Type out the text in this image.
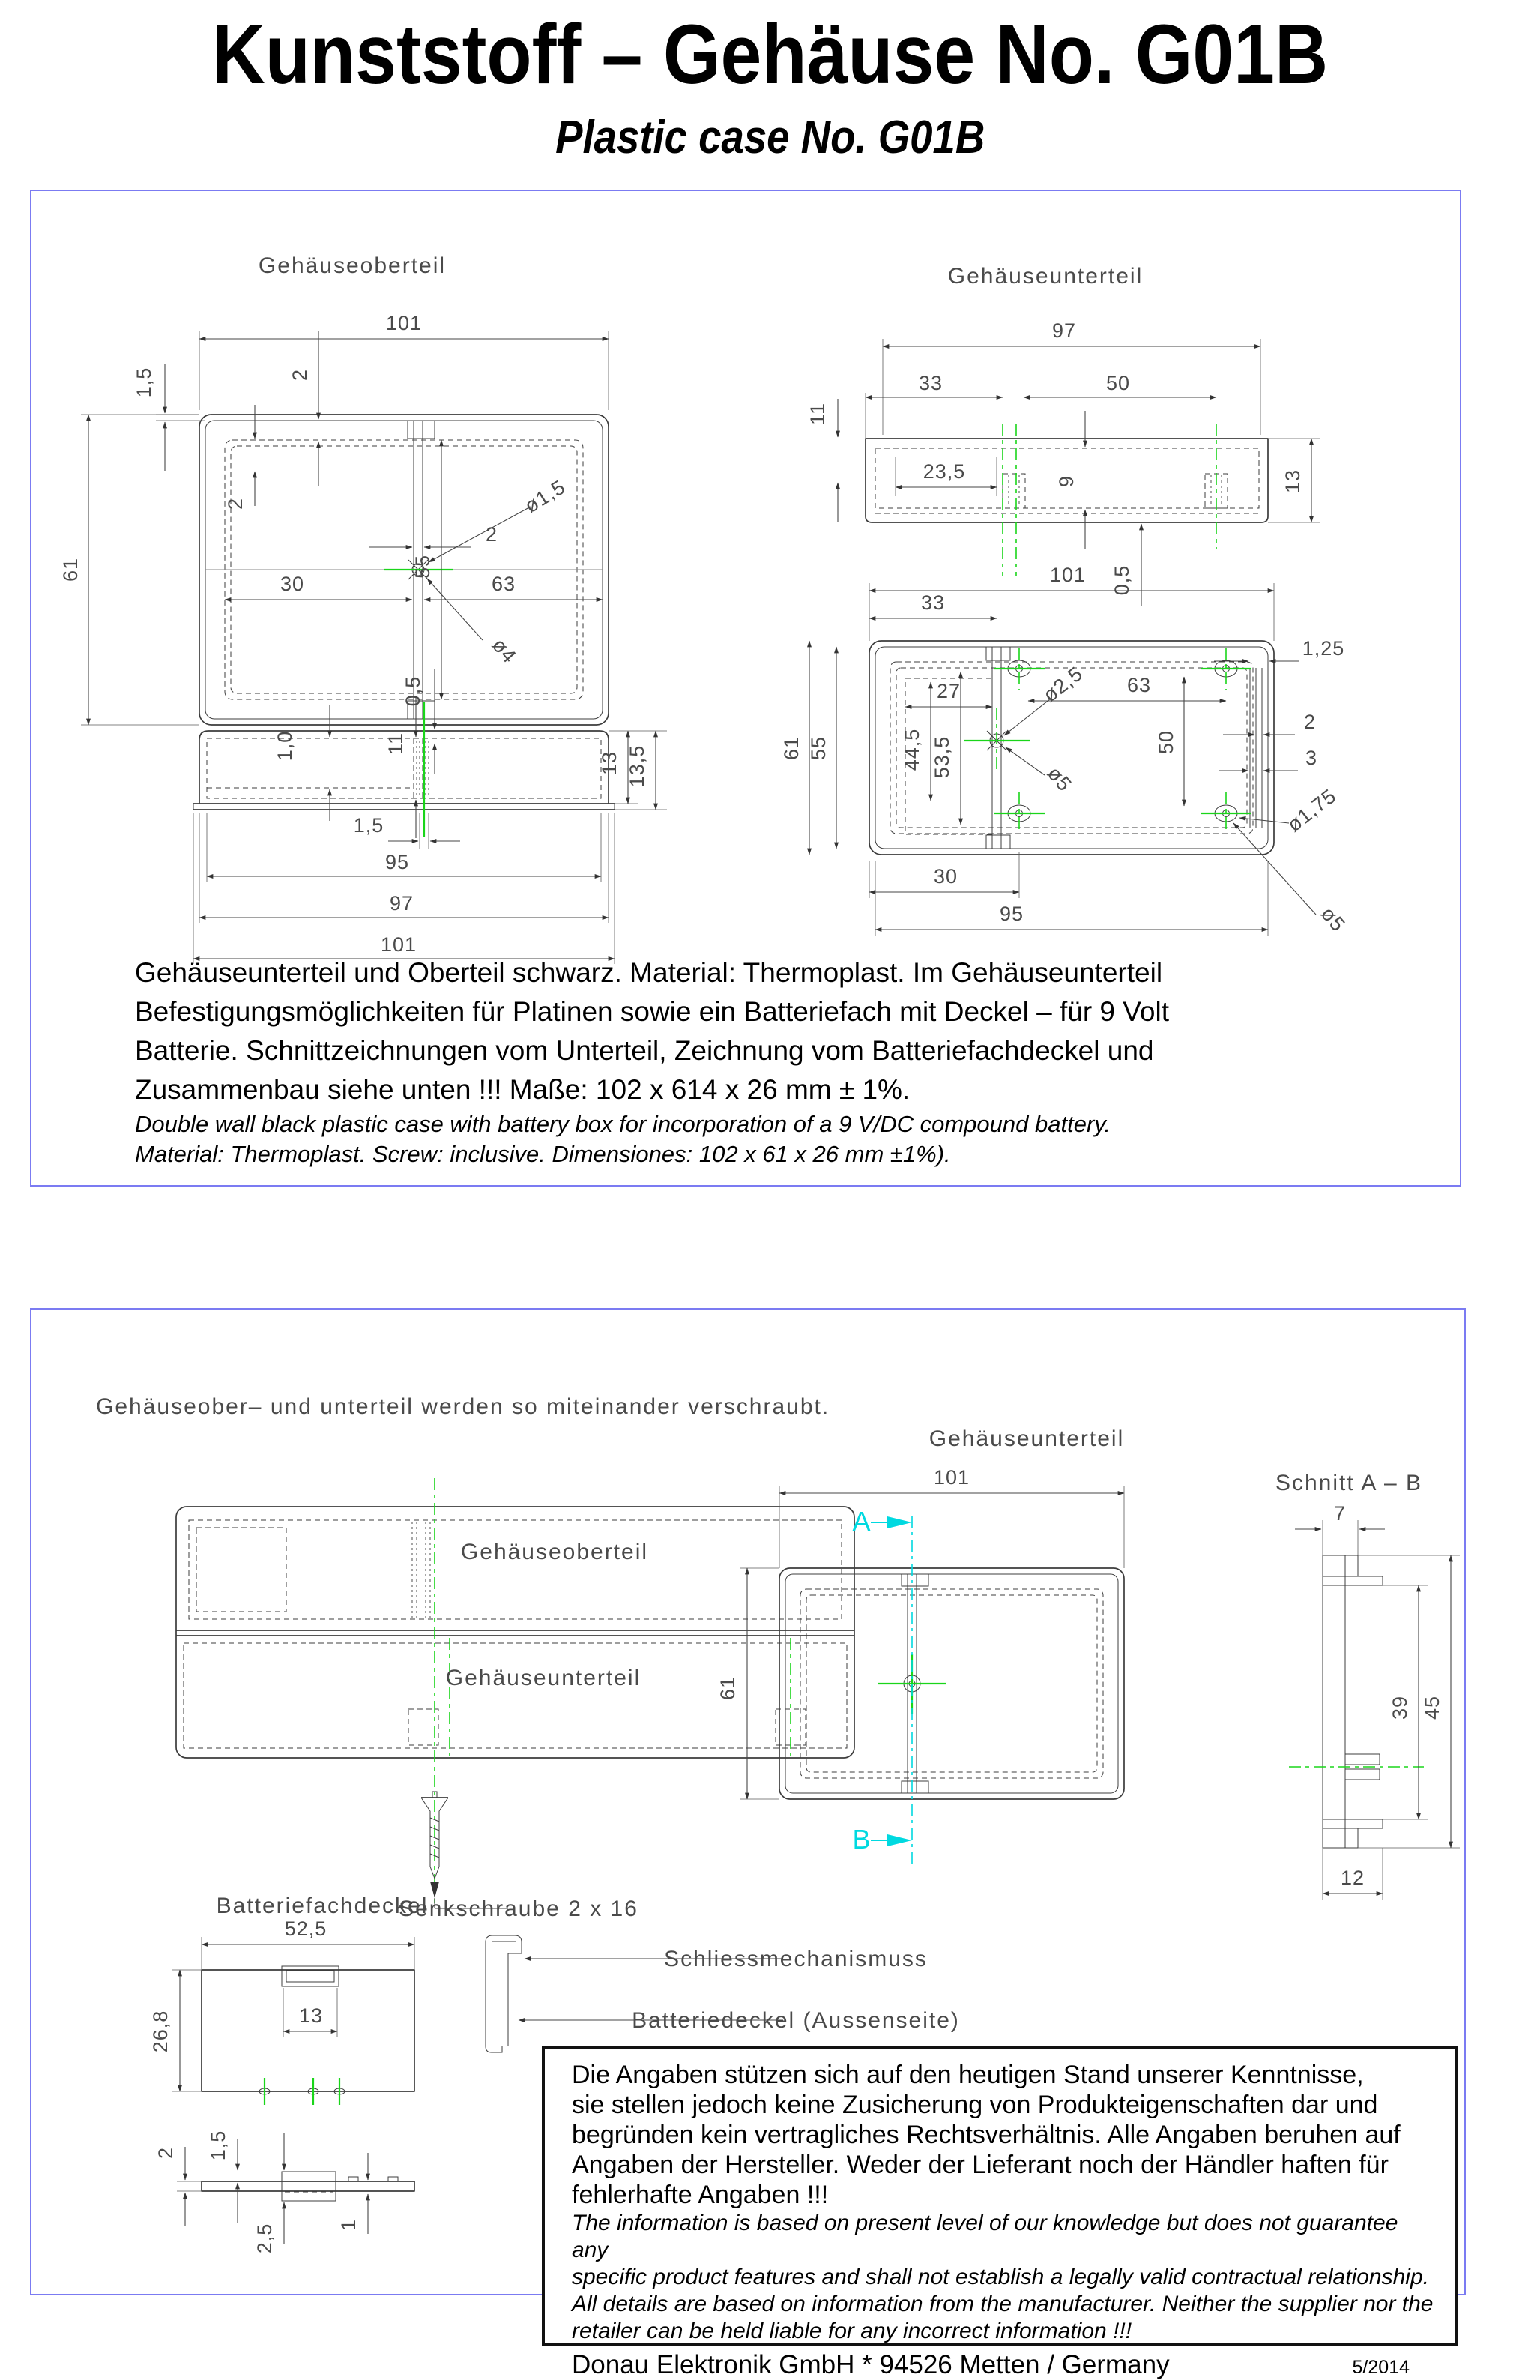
Kunststoff – Gehäuse No. G01B
Plastic case No. G01B
Gehäuseoberteil	Gehäuseunterteil
101
1,5
61
2
2
2
ø1,5
ø4
55
30	63
0,5
1,0	11
13 13,5
1,5
95
97
101
97
33	50
11
23,5	9
0,5
13
101
33
61 55
27
44,5 53,5
ø2,5
ø5
63
50
1,25
2
3
ø1,75
30
95	ø5
Gehäuseunterteil und Oberteil schwarz. Material: Thermoplast. Im Gehäuseunterteil
Befestigungsmöglichkeiten für Platinen sowie ein Batteriefach mit Deckel – für 9 Volt
Batterie. Schnittzeichnungen vom Unterteil, Zeichnung vom Batteriefachdeckel und
Zusammenbau siehe unten !!! Maße: 102 x 614 x 26 mm ± 1%.
Double wall black plastic case with battery box for incorporation of a 9 V/DC compound battery.
Material: Thermoplast. Screw: inclusive. Dimensiones: 102 x 61 x 26 mm ±1%).
Gehäuseober– und unterteil werden so miteinander verschraubt.
Gehäuseoberteil
Gehäuseunterteil
Senkschraube 2 x 16
Gehäuseunterteil
A
B
101
61
Schnitt A – B
7
39 45
12
Batteriefachdeckel
52,5
26,8	13
2 1,5
2,5	1
Schliessmechanismuss
Batteriedeckel (Aussenseite)
Die Angaben stützen sich auf den heutigen Stand unserer Kenntnisse,
sie stellen jedoch keine Zusicherung von Produkteigenschaften dar und
begründen kein vertragliches Rechtsverhältnis. Alle Angaben beruhen auf
Angaben der Hersteller. Weder der Lieferant noch der Händler haften für
fehlerhafte Angaben !!!
The information is based on present level of our knowledge but does not guarantee any
specific product features and shall not establish a legally valid contractual relationship.
All details are based on information from the manufacturer. Neither the supplier nor the
retailer can be held liable for any incorrect information !!!
Donau Elektronik GmbH * 94526 Metten / Germany	5/2014
